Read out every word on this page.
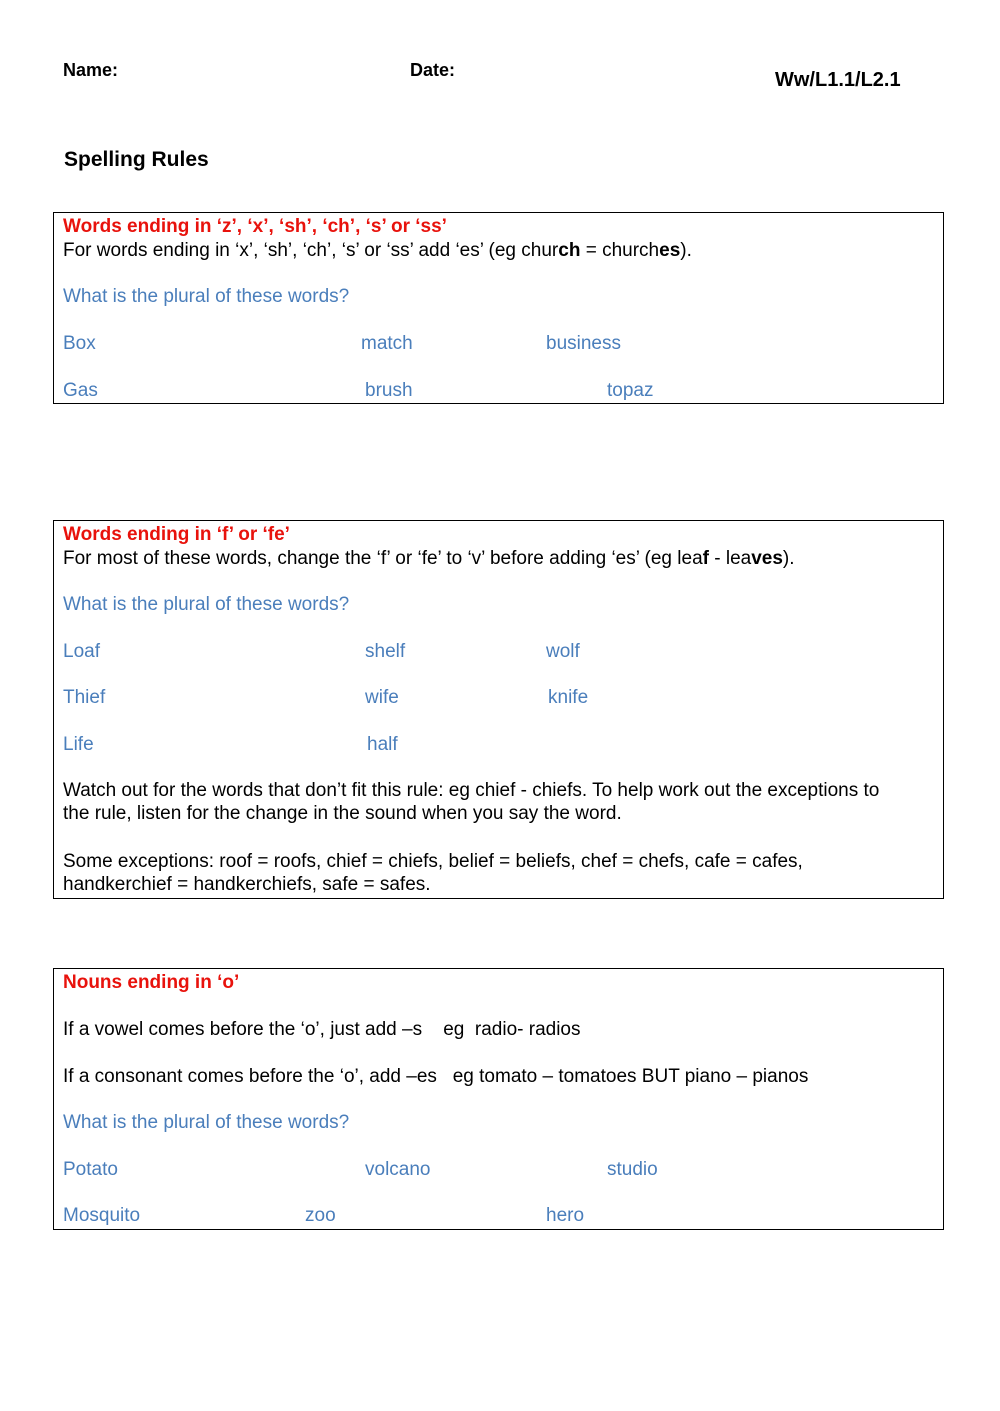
Name:	Date:	Ww/L1.1/L2.1
Spelling Rules
Words ending in ‘z’, ‘x’, ‘sh’, ‘ch’, ‘s’ or ‘ss’
For words ending in ‘x’, ‘sh’, ‘ch’, ‘s’ or ‘ss’ add ‘es’ (eg church = churches).
What is the plural of these words?
Box	match	business
Gas	brush	topaz
Words ending in ‘f’ or ‘fe’
For most of these words, change the ‘f’ or ‘fe’ to ‘v’ before adding ‘es’ (eg leaf - leaves).
What is the plural of these words?
Loaf	shelf	wolf
Thief	wife	knife
Life	half
Watch out for the words that don’t fit this rule: eg chief - chiefs. To help work out the exceptions to
the rule, listen for the change in the sound when you say the word.
Some exceptions: roof = roofs, chief = chiefs, belief = beliefs, chef = chefs, cafe = cafes,
handkerchief = handkerchiefs, safe = safes.
Nouns ending in ‘o’
If a vowel comes before the ‘o’, just add –s    eg  radio- radios
If a consonant comes before the ‘o’, add –es   eg tomato – tomatoes BUT piano – pianos
What is the plural of these words?
Potato	volcano	studio
Mosquito	zoo	hero
